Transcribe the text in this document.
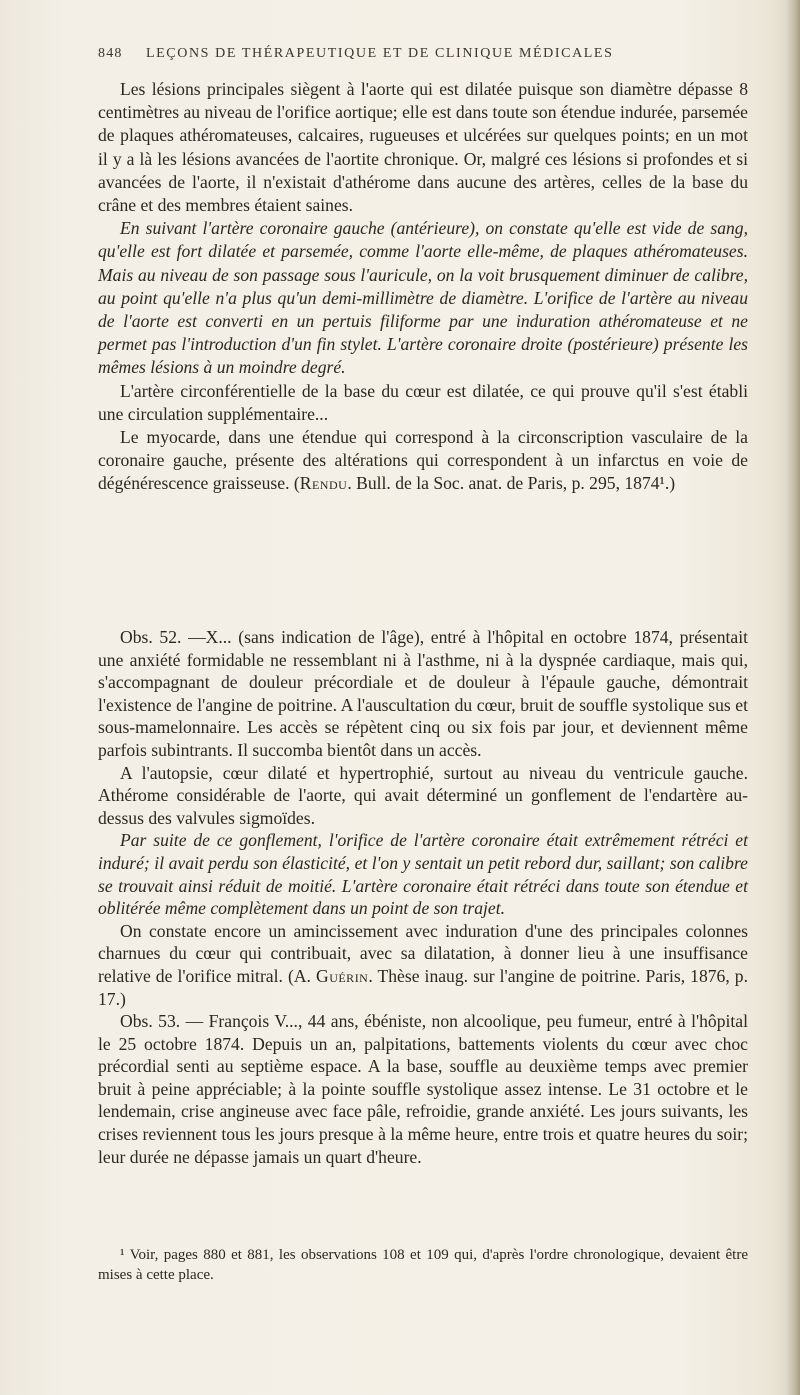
848 LEÇONS DE THÉRAPEUTIQUE ET DE CLINIQUE MÉDICALES

Les lésions principales siègent à l'aorte qui est dilatée puisque son diamètre dépasse 8 centimètres au niveau de l'orifice aortique; elle est dans toute son étendue indurée, parsemée de plaques athéromateuses, calcaires, rugueuses et ulcérées sur quelques points; en un mot il y a là les lésions avancées de l'aortite chronique. Or, malgré ces lésions si profondes et si avancées de l'aorte, il n'existait d'athérome dans aucune des artères, celles de la base du crâne et des membres étaient saines.

En suivant l'artère coronaire gauche (antérieure), on constate qu'elle est vide de sang, qu'elle est fort dilatée et parsemée, comme l'aorte elle-même, de plaques athéromateuses. Mais au niveau de son passage sous l'auricule, on la voit brusquement diminuer de calibre, au point qu'elle n'a plus qu'un demi-millimètre de diamètre. L'orifice de l'artère au niveau de l'aorte est converti en un pertuis filiforme par une induration athéromateuse et ne permet pas l'introduction d'un fin stylet. L'artère coronaire droite (postérieure) présente les mêmes lésions à un moindre degré.

L'artère circonférentielle de la base du cœur est dilatée, ce qui prouve qu'il s'est établi une circulation supplémentaire...

Le myocarde, dans une étendue qui correspond à la circonscription vasculaire de la coronaire gauche, présente des altérations qui correspondent à un infarctus en voie de dégénérescence graisseuse. (Rendu. Bull. de la Soc. anat. de Paris, p. 295, 1874¹.)

Obs. 52. —X... (sans indication de l'âge), entré à l'hôpital en octobre 1874, présentait une anxiété formidable ne ressemblant ni à l'asthme, ni à la dyspnée cardiaque, mais qui, s'accompagnant de douleur précordiale et de douleur à l'épaule gauche, démontrait l'existence de l'angine de poitrine. A l'auscultation du cœur, bruit de souffle systolique sus et sous-mamelonnaire. Les accès se répètent cinq ou six fois par jour, et deviennent même parfois subintrants. Il succomba bientôt dans un accès.

A l'autopsie, cœur dilaté et hypertrophié, surtout au niveau du ventricule gauche. Athérome considérable de l'aorte, qui avait déterminé un gonflement de l'endartère au-dessus des valvules sigmoïdes.

Par suite de ce gonflement, l'orifice de l'artère coronaire était extrêmement rétréci et induré; il avait perdu son élasticité, et l'on y sentait un petit rebord dur, saillant; son calibre se trouvait ainsi réduit de moitié. L'artère coronaire était rétréci dans toute son étendue et oblitérée même complètement dans un point de son trajet.

On constate encore un amincissement avec induration d'une des principales colonnes charnues du cœur qui contribuait, avec sa dilatation, à donner lieu à une insuffisance relative de l'orifice mitral. (A. Guérin. Thèse inaug. sur l'angine de poitrine. Paris, 1876, p. 17.)

Obs. 53. — François V..., 44 ans, ébéniste, non alcoolique, peu fumeur, entré à l'hôpital le 25 octobre 1874. Depuis un an, palpitations, battements violents du cœur avec choc précordial senti au septième espace. A la base, souffle au deuxième temps avec premier bruit à peine appréciable; à la pointe souffle systolique assez intense. Le 31 octobre et le lendemain, crise angineuse avec face pâle, refroidie, grande anxiété. Les jours suivants, les crises reviennent tous les jours presque à la même heure, entre trois et quatre heures du soir; leur durée ne dépasse jamais un quart d'heure.

¹ Voir, pages 880 et 881, les observations 108 et 109 qui, d'après l'ordre chronologique, devaient être mises à cette place.
